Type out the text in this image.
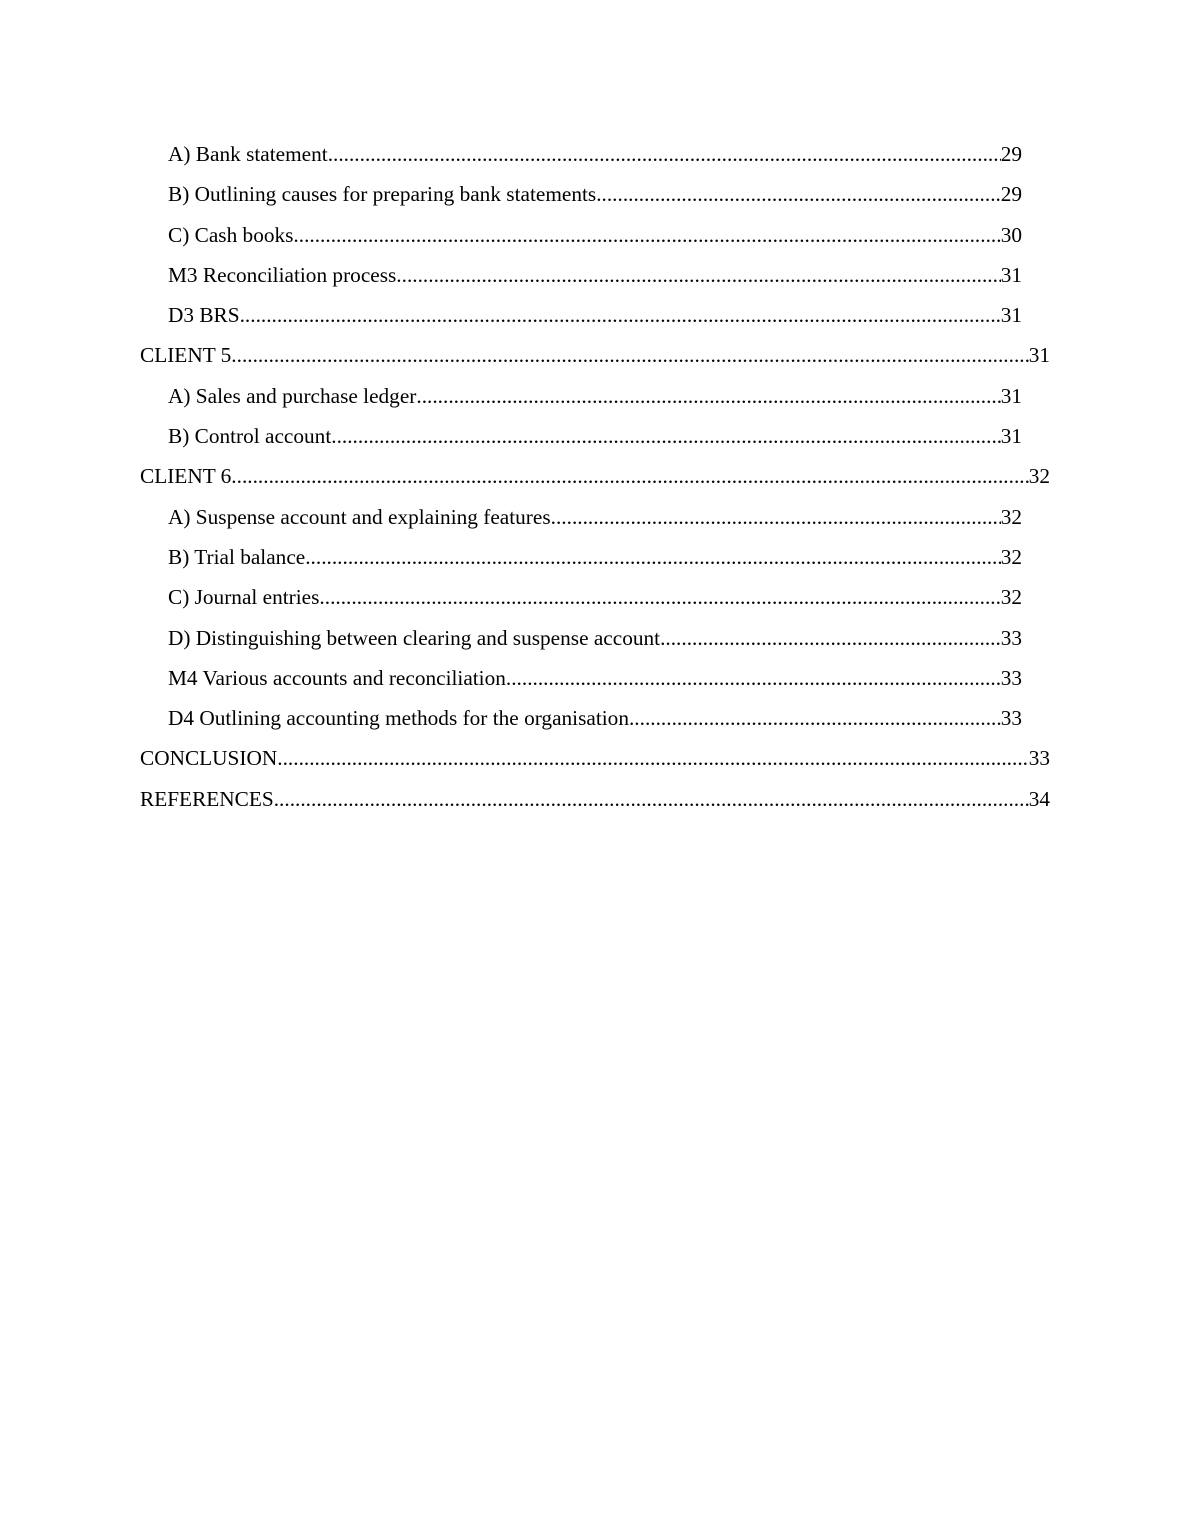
A) Bank statement .....	29
B) Outlining causes for preparing bank statements .....	29
C) Cash books .....	30
M3 Reconciliation process .....	31
D3 BRS .....	31
CLIENT 5 .....	31
A) Sales and purchase ledger .....	31
B) Control account .....	31
CLIENT 6 .....	32
A) Suspense account and explaining features .....	32
B) Trial balance .....	32
C) Journal entries .....	32
D) Distinguishing between clearing and suspense account .....	33
M4 Various accounts and reconciliation .....	33
D4 Outlining accounting methods for the organisation .....	33
CONCLUSION .....	33
REFERENCES .....	34
